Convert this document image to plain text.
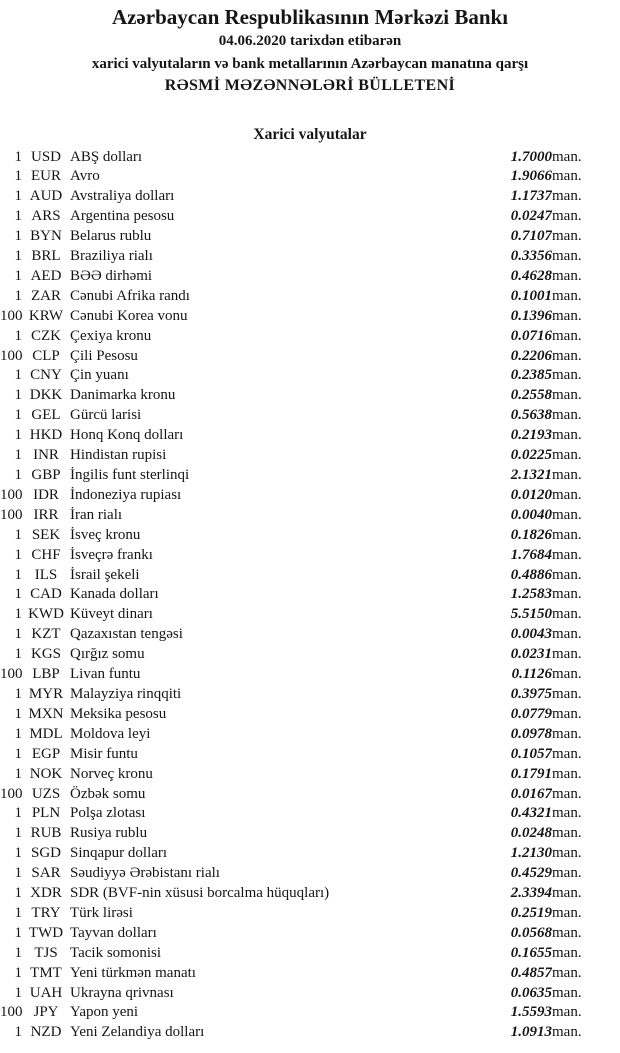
Azərbaycan Respublikasının Mərkəzi Bankı
04.06.2020 tarixdən etibarən
xarici valyutaların və bank metallarının Azərbaycan manatına qarşı
RƏSMİ MƏZƏNNƏLƏRİ BÜLLETENİ
Xarici valyutalar
1	USD	ABŞ dolları	1.7000	man.
1	EUR	Avro	1.9066	man.
1	AUD	Avstraliya dolları	1.1737	man.
1	ARS	Argentina pesosu	0.0247	man.
1	BYN	Belarus rublu	0.7107	man.
1	BRL	Braziliya rialı	0.3356	man.
1	AED	BƏƏ dirhəmi	0.4628	man.
1	ZAR	Cənubi Afrika randı	0.1001	man.
100	KRW	Cənubi Korea vonu	0.1396	man.
1	CZK	Çexiya kronu	0.0716	man.
100	CLP	Çili Pesosu	0.2206	man.
1	CNY	Çin yuanı	0.2385	man.
1	DKK	Danimarka kronu	0.2558	man.
1	GEL	Gürcü larisi	0.5638	man.
1	HKD	Honq Konq dolları	0.2193	man.
1	INR	Hindistan rupisi	0.0225	man.
1	GBP	İngilis funt sterlinqi	2.1321	man.
100	IDR	İndoneziya rupiası	0.0120	man.
100	IRR	İran rialı	0.0040	man.
1	SEK	İsveç kronu	0.1826	man.
1	CHF	İsveçrə frankı	1.7684	man.
1	ILS	İsrail şekeli	0.4886	man.
1	CAD	Kanada dolları	1.2583	man.
1	KWD	Küveyt dinarı	5.5150	man.
1	KZT	Qazaxıstan tengəsi	0.0043	man.
1	KGS	Qırğız somu	0.0231	man.
100	LBP	Livan funtu	0.1126	man.
1	MYR	Malayziya rinqqiti	0.3975	man.
1	MXN	Meksika pesosu	0.0779	man.
1	MDL	Moldova leyi	0.0978	man.
1	EGP	Misir funtu	0.1057	man.
1	NOK	Norveç kronu	0.1791	man.
100	UZS	Özbək somu	0.0167	man.
1	PLN	Polşa zlotası	0.4321	man.
1	RUB	Rusiya rublu	0.0248	man.
1	SGD	Sinqapur dolları	1.2130	man.
1	SAR	Səudiyyə Ərəbistanı rialı	0.4529	man.
1	XDR	SDR (BVF-nin xüsusi borcalma hüquqları)	2.3394	man.
1	TRY	Türk lirəsi	0.2519	man.
1	TWD	Tayvan dolları	0.0568	man.
1	TJS	Tacik somonisi	0.1655	man.
1	TMT	Yeni türkmən manatı	0.4857	man.
1	UAH	Ukrayna qrivnası	0.0635	man.
100	JPY	Yapon yeni	1.5593	man.
1	NZD	Yeni Zelandiya dolları	1.0913	man.
